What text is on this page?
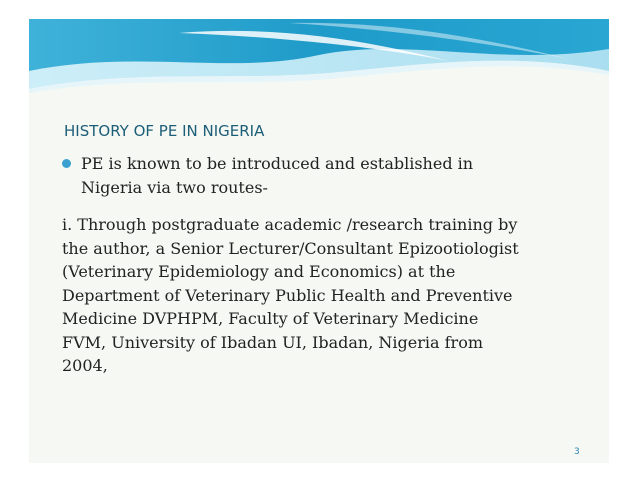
HISTORY OF PE IN NIGERIA
PE is known to be introduced and established in
Nigeria via two routes-

i. Through postgraduate academic /research training by
the author, a Senior Lecturer/Consultant Epizootiologist
(Veterinary Epidemiology and Economics) at the
Department of Veterinary Public Health and Preventive
Medicine DVPHPM, Faculty of Veterinary Medicine
FVM, University of Ibadan UI, Ibadan, Nigeria from
2004,

3
